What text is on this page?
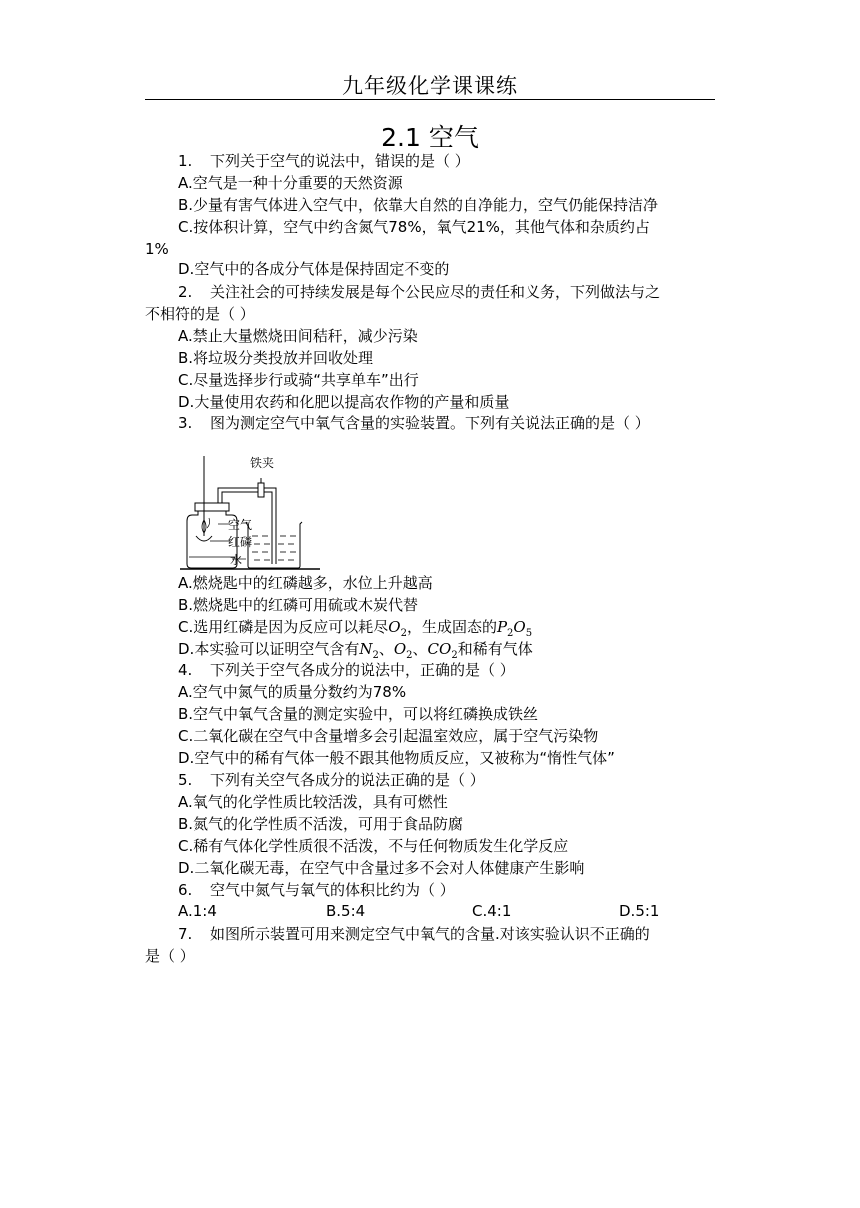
九年级化学课课练
2.1 空气
1. 下列关于空气的说法中，错误的是（ ）
A.空气是一种十分重要的天然资源
B.少量有害气体进入空气中，依靠大自然的自净能力，空气仍能保持洁净
C.按体积计算，空气中约含氮气78%，氧气21%，其他气体和杂质约占
1%
D.空气中的各成分气体是保持固定不变的
2. 关注社会的可持续发展是每个公民应尽的责任和义务，下列做法与之
不相符的是（ ）
A.禁止大量燃烧田间秸秆，减少污染
B.将垃圾分类投放并回收处理
C.尽量选择步行或骑“共享单车”出行
D.大量使用农药和化肥以提高农作物的产量和质量
3. 图为测定空气中氧气含量的实验装置。下列有关说法正确的是（ ）
铁夹
空气
红磷
水
A.燃烧匙中的红磷越多，水位上升越高
B.燃烧匙中的红磷可用硫或木炭代替
C.选用红磷是因为反应可以耗尽$O_2$，生成固态的$P_2O_5$
D.本实验可以证明空气含有$N_2$、$O_2$、$CO_2$和稀有气体
4. 下列关于空气各成分的说法中，正确的是（ ）
A.空气中氮气的质量分数约为78%
B.空气中氧气含量的测定实验中，可以将红磷换成铁丝
C.二氧化碳在空气中含量增多会引起温室效应，属于空气污染物
D.空气中的稀有气体一般不跟其他物质反应，又被称为“惰性气体”
5. 下列有关空气各成分的说法正确的是（ ）
A.氧气的化学性质比较活泼，具有可燃性
B.氮气的化学性质不活泼，可用于食品防腐
C.稀有气体化学性质很不活泼，不与任何物质发生化学反应
D.二氧化碳无毒，在空气中含量过多不会对人体健康产生影响
6. 空气中氮气与氧气的体积比约为（ ）
A.1:4	B.5:4	C.4:1	D.5:1
7. 如图所示装置可用来测定空气中氧气的含量.对该实验认识不正确的
是（ ）
